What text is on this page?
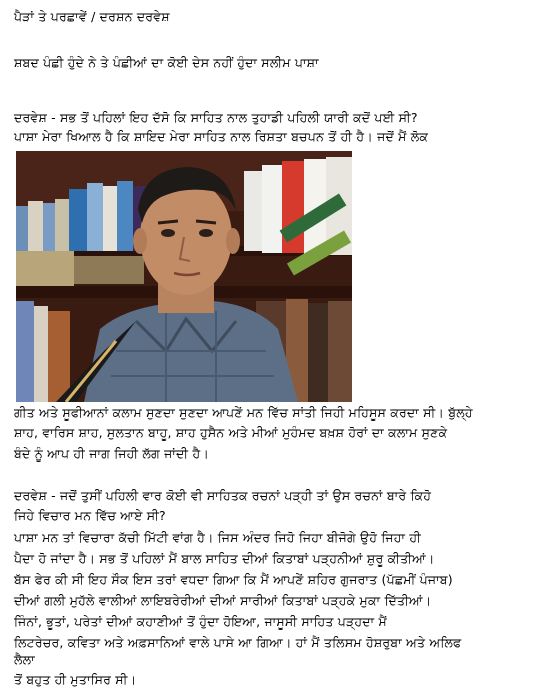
ਪੈੜਾਂ ਤੇ ਪਰਛਾਵੇਂ / ਦਰਸ਼ਨ ਦਰਵੇਸ਼
ਸ਼ਬਦ ਪੰਛੀ ਹੁੰਦੇ ਨੇ ਤੇ ਪੰਛੀਆਂ ਦਾ ਕੋਈ ਦੇਸ ਨਹੀਂ ਹੁੰਦਾ ਸਲੀਮ ਪਾਸ਼ਾ
ਦਰਵੇਸ਼ - ਸਭ ਤੋਂ ਪਹਿਲਾਂ ਇਹ ਦੱਸੋ ਕਿ ਸਾਹਿਤ ਨਾਲ ਤੁਹਾਡੀ ਪਹਿਲੀ ਯਾਰੀ ਕਦੋਂ ਪਈ ਸੀ?
ਪਾਸ਼ਾ ਮੇਰਾ ਖਿਆਲ ਹੈ ਕਿ ਸ਼ਾਇਦ ਮੇਰਾ ਸਾਹਿਤ ਨਾਲ ਰਿਸ਼ਤਾ ਬਚਪਨ ਤੋਂ ਹੀ ਹੈ। ਜਦੋਂ ਮੈਂ ਲੋਕ
ਗੀਤ ਅਤੇ ਸੂਫੀਆਨਾਂ ਕਲਾਮ ਸੁਣਦਾ ਸੁਣਦਾ ਆਪਣੇਂ ਮਨ ਵਿੱਚ ਸਾਂਤੀ ਜਿਹੀ ਮਹਿਸੂਸ ਕਰਦਾ ਸੀ। ਬੁੱਲ੍ਹੇ
ਸ਼ਾਹ, ਵਾਰਿਸ ਸ਼ਾਹ, ਸੁਲਤਾਨ ਬਾਹੂ, ਸ਼ਾਹ ਹੁਸੈਨ ਅਤੇ ਮੀਆਂ ਮੁਹੰਮਦ ਬਖ਼ਸ਼ ਹੋਰਾਂ ਦਾ ਕਲਾਮ ਸੁਣਕੇ
ਬੰਦੇ ਨੂੰ ਆਪ ਹੀ ਜਾਗ ਜਿਹੀ ਲੱਗ ਜਾਂਦੀ ਹੈ।
ਦਰਵੇਸ਼ - ਜਦੋਂ ਤੁਸੀਂ ਪਹਿਲੀ ਵਾਰ ਕੋਈ ਵੀ ਸਾਹਿਤਕ ਰਚਨਾਂ ਪੜ੍ਹੀ ਤਾਂ ਉਸ ਰਚਨਾਂ ਬਾਰੇ ਕਿਹੋ
ਜਿਹੇ ਵਿਚਾਰ ਮਨ ਵਿੱਚ ਆਏ ਸੀ?
ਪਾਸ਼ਾ ਮਨ ਤਾਂ ਵਿਚਾਰਾ ਕੱਚੀ ਮਿੱਟੀ ਵਾਂਗ ਹੈ। ਜਿਸ ਅੰਦਰ ਜਿਹੋ ਜਿਹਾ ਬੀਜੋਗੇ ਉਹੋ ਜਿਹਾ ਹੀ
ਪੈਦਾ ਹੋ ਜਾਂਦਾ ਹੈ। ਸਭ ਤੋਂ ਪਹਿਲਾਂ ਮੈਂ ਬਾਲ ਸਾਹਿਤ ਦੀਆਂ ਕਿਤਾਬਾਂ ਪੜ੍ਹਨੀਆਂ ਸ਼ੁਰੂ ਕੀਤੀਆਂ।
ਬੱਸ ਫੇਰ ਕੀ ਸੀ ਇਹ ਸੌਕ ਇਸ ਤਰਾਂ ਵਧਦਾ ਗਿਆ ਕਿ ਮੈਂ ਆਪਣੇਂ ਸ਼ਹਿਰ ਗੁਜਰਾਤ (ਪੱਛਮੀਂ ਪੰਜਾਬ)
ਦੀਆਂ ਗਲੀ ਮੁਹੱਲੇ ਵਾਲੀਆਂ ਲਾਇਬਰੇਰੀਆਂ ਦੀਆਂ ਸਾਰੀਆਂ ਕਿਤਾਬਾਂ ਪੜ੍ਹਕੇ ਮੁਕਾ ਦਿੱਤੀਆਂ।
ਜਿੰਨਾਂ, ਭੂਤਾਂ, ਪਰੇਤਾਂ ਦੀਆਂ ਕਹਾਣੀਆਂ ਤੋਂ ਹੁੰਦਾ ਹੋਇਆ, ਜਾਸੂਸੀ ਸਾਹਿਤ ਪੜ੍ਹਦਾ ਮੈਂ
ਲਿਟਰੇਚਰ, ਕਵਿਤਾ ਅਤੇ ਅਫ਼ਸਾਨਿਆਂ ਵਾਲੇ ਪਾਸੇ ਆ ਗਿਆ। ਹਾਂ ਮੈਂ ਤਲਿਸਮ ਹੋਸ਼ਰੁਬਾ ਅਤੇ ਅਲਿਫ
ਲੈਲਾ
ਤੋਂ ਬਹੁਤ ਹੀ ਮੁਤਾਸਿਰ ਸੀ।
